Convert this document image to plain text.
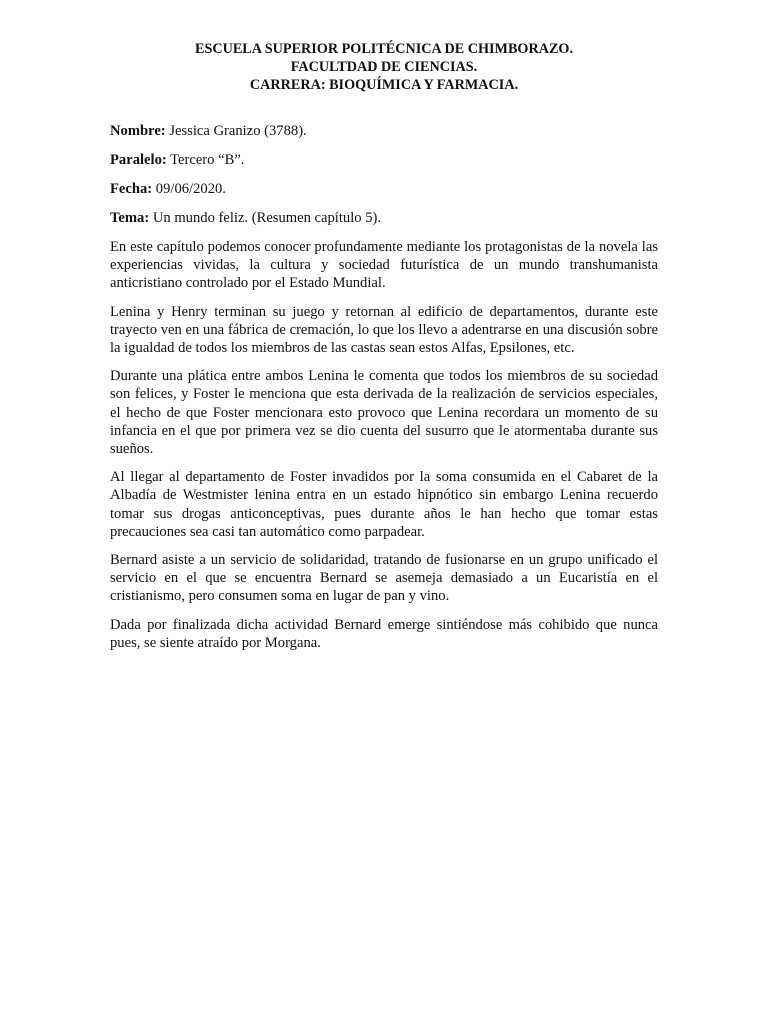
ESCUELA SUPERIOR POLITÉCNICA DE CHIMBORAZO.
FACULTDAD DE CIENCIAS.
CARRERA: BIOQUÍMICA Y FARMACIA.
Nombre: Jessica Granizo (3788).
Paralelo: Tercero “B”.
Fecha: 09/06/2020.
Tema: Un mundo feliz. (Resumen capítulo 5).

En este capítulo podemos conocer profundamente mediante los protagonistas de la novela las experiencias vividas, la cultura y sociedad futurística de un mundo transhumanista anticristiano controlado por el Estado Mundial.

Lenina y Henry terminan su juego y retornan al edificio de departamentos, durante este trayecto ven en una fábrica de cremación, lo que los llevo a adentrarse en una discusión sobre la igualdad de todos los miembros de las castas sean estos Alfas, Epsilones, etc.

Durante una plática entre ambos Lenina le comenta que todos los miembros de su sociedad son felices, y Foster le menciona que esta derivada de la realización de servicios especiales, el hecho de que Foster mencionara esto provoco que Lenina recordara un momento de su infancia en el que por primera vez se dio cuenta del susurro que le atormentaba durante sus sueños.

Al llegar al departamento de Foster invadidos por la soma consumida en el Cabaret de la Albadía de Westmister lenina entra en un estado hipnótico sin embargo Lenina recuerdo tomar sus drogas anticonceptivas, pues durante años le han hecho que tomar estas precauciones sea casi tan automático como parpadear.

Bernard asiste a un servicio de solidaridad, tratando de fusionarse en un grupo unificado el servicio en el que se encuentra Bernard se asemeja demasiado a un Eucaristía en el cristianismo, pero consumen soma en lugar de pan y vino.

Dada por finalizada dicha actividad Bernard emerge sintiéndose más cohibido que nunca pues, se siente atraído por Morgana.
